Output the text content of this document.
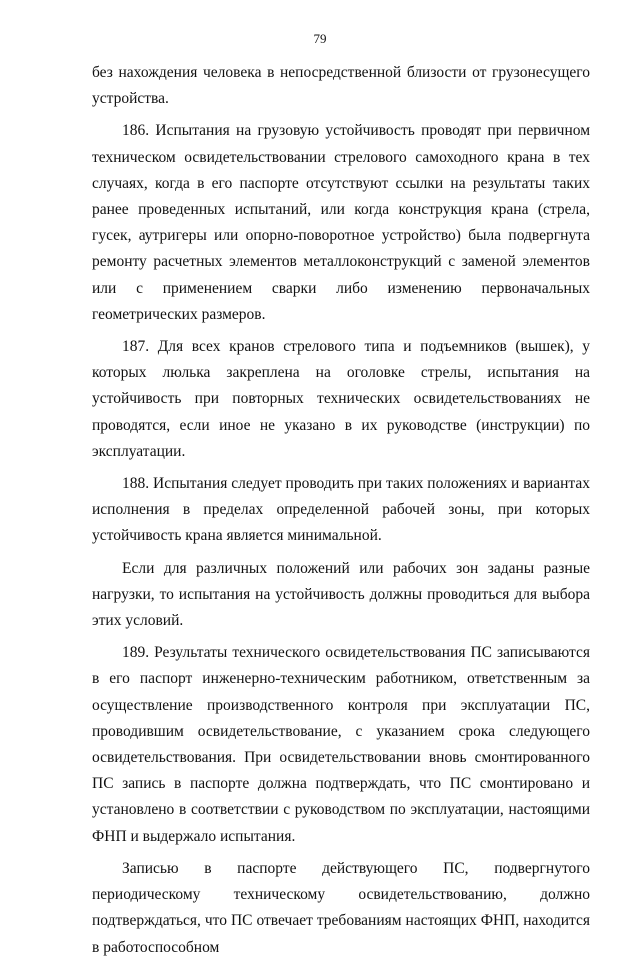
79

без нахождения человека в непосредственной близости от грузонесущего устройства.

186. Испытания на грузовую устойчивость проводят при первичном техническом освидетельствовании стрелового самоходного крана в тех случаях, когда в его паспорте отсутствуют ссылки на результаты таких ранее проведенных испытаний, или когда конструкция крана (стрела, гусек, аутригеры или опорно-поворотное устройство) была подвергнута ремонту расчетных элементов металлоконструкций с заменой элементов или с применением сварки либо изменению первоначальных геометрических размеров.

187. Для всех кранов стрелового типа и подъемников (вышек), у которых люлька закреплена на оголовке стрелы, испытания на устойчивость при повторных технических освидетельствованиях не проводятся, если иное не указано в их руководстве (инструкции) по эксплуатации.

188. Испытания следует проводить при таких положениях и вариантах исполнения в пределах определенной рабочей зоны, при которых устойчивость крана является минимальной.

Если для различных положений или рабочих зон заданы разные нагрузки, то испытания на устойчивость должны проводиться для выбора этих условий.

189. Результаты технического освидетельствования ПС записываются в его паспорт инженерно-техническим работником, ответственным за осуществление производственного контроля при эксплуатации ПС, проводившим освидетельствование, с указанием срока следующего освидетельствования. При освидетельствовании вновь смонтированного ПС запись в паспорте должна подтверждать, что ПС смонтировано и установлено в соответствии с руководством по эксплуатации, настоящими ФНП и выдержало испытания.

Записью в паспорте действующего ПС, подвергнутого периодическому техническому освидетельствованию, должно подтверждаться, что ПС отвечает требованиям настоящих ФНП, находится в работоспособном
